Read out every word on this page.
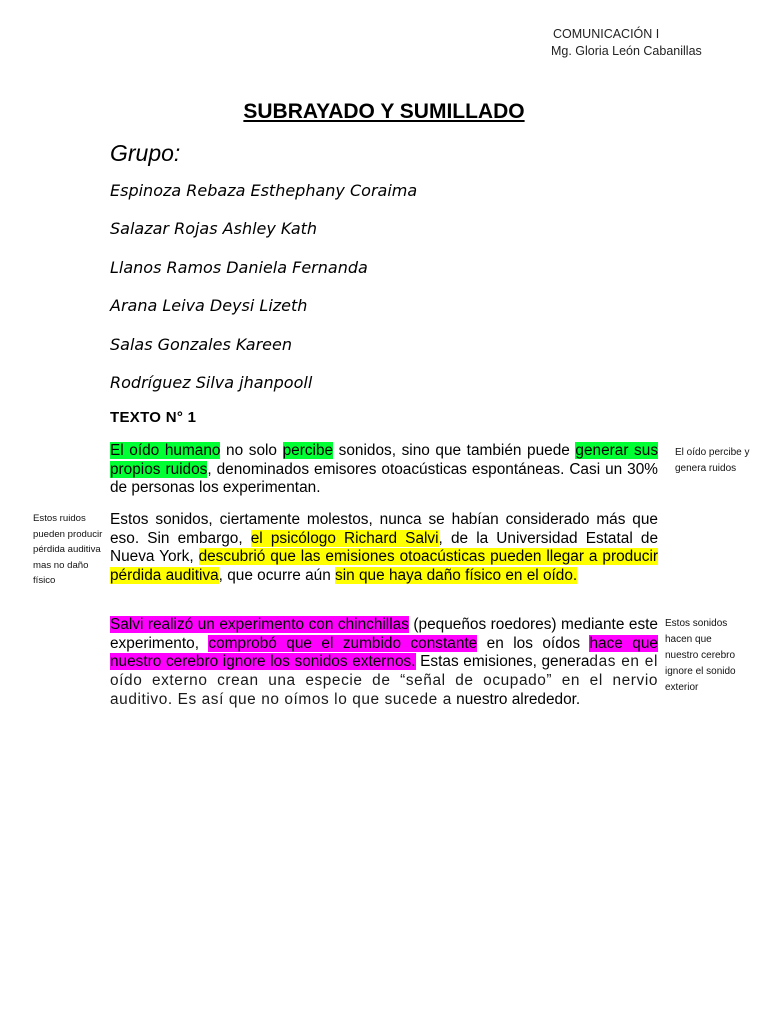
COMUNICACIÓN I
Mg. Gloria León Cabanillas
SUBRAYADO Y SUMILLADO
Grupo:
Espinoza Rebaza Esthephany Coraima
Salazar Rojas Ashley Kath
Llanos Ramos Daniela Fernanda
Arana Leiva Deysi Lizeth
Salas Gonzales Kareen
Rodríguez Silva jhanpooll
TEXTO N° 1

El oído humano no solo percibe sonidos, sino que también puede generar sus propios ruidos, denominados emisores otoacústicas espontáneas. Casi un 30% de personas los experimentan.

Estos sonidos, ciertamente molestos, nunca se habían considerado más que eso. Sin embargo, el psicólogo Richard Salvi, de la Universidad Estatal de Nueva York, descubrió que las emisiones otoacústicas pueden llegar a producir pérdida auditiva, que ocurre aún sin que haya daño físico en el oído.

Salvi realizó un experimento con chinchillas (pequeños roedores) mediante este experimento, comprobó que el zumbido constante en los oídos hace que nuestro cerebro ignore los sonidos externos. Estas emisiones, generadas en el oído externo crean una especie de “señal de ocupado” en el nervio auditivo. Es así que no oímos lo que sucede a nuestro alrededor.

El oído percibe y genera ruidos
Estos ruidos pueden producir pérdida auditiva mas no daño físico
Estos sonidos hacen que nuestro cerebro ignore el sonido exterior
